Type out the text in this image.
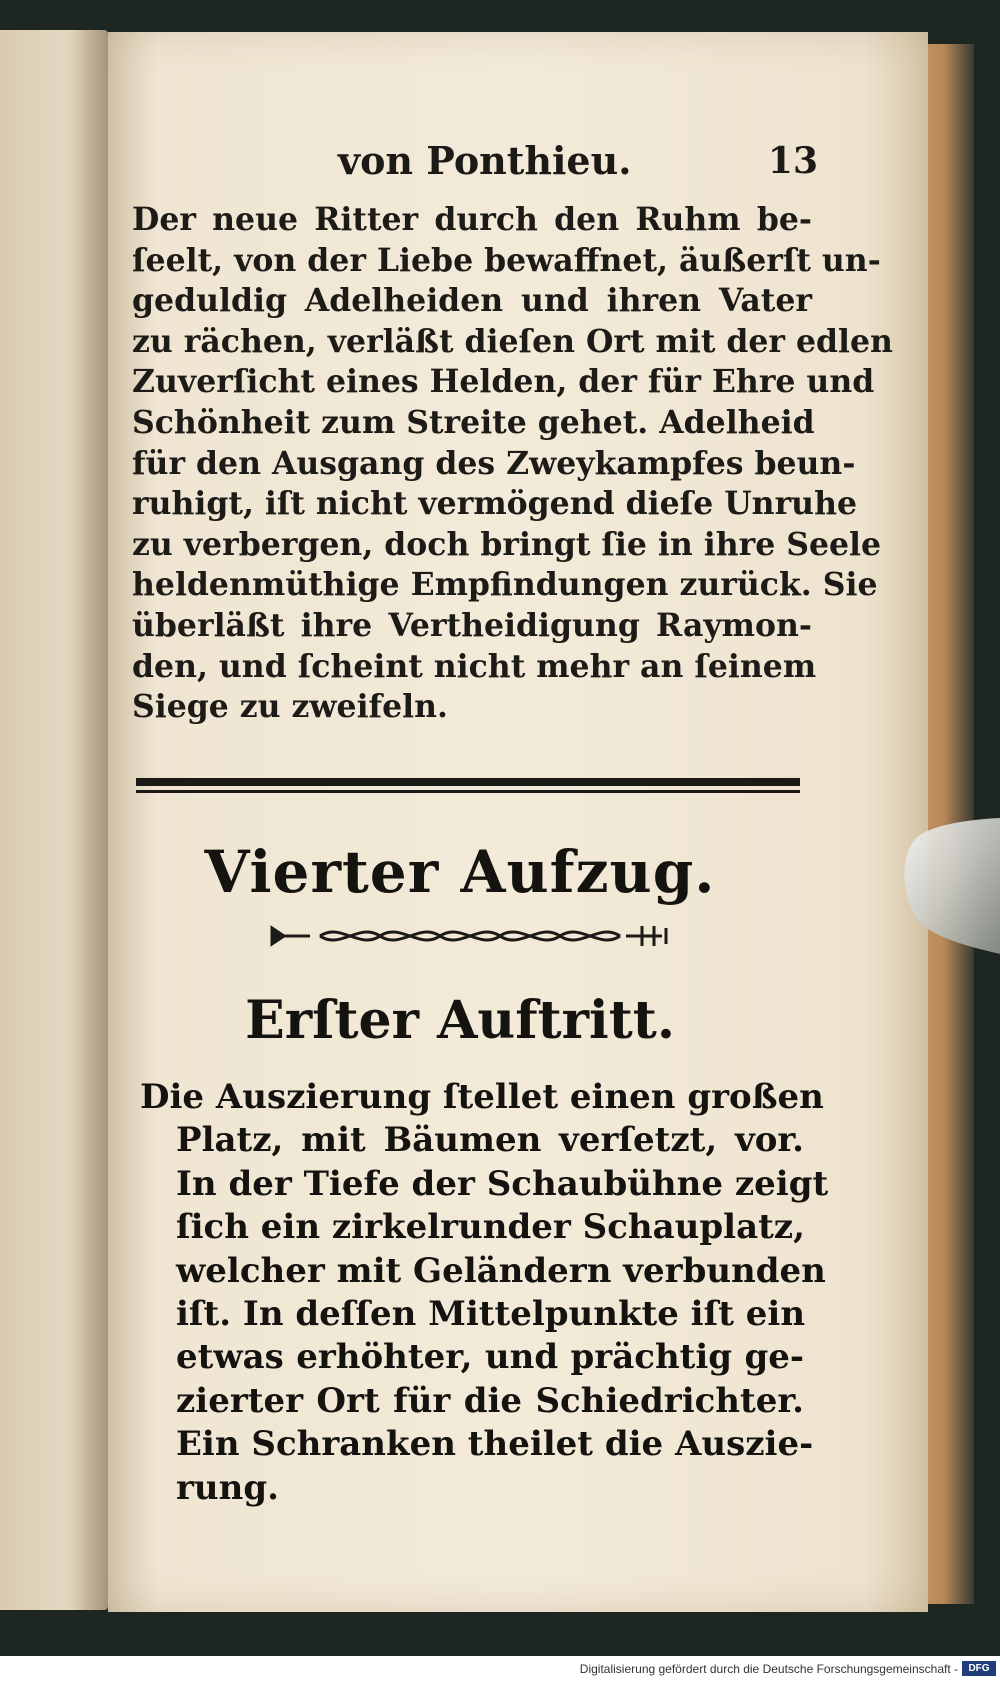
von Ponthieu.	13
Der neue Ritter durch den Ruhm be-
ſeelt, von der Liebe bewaffnet, äußerſt un-
geduldig Adelheiden und ihren Vater
zu rächen, verläßt dieſen Ort mit der edlen
Zuverſicht eines Helden, der für Ehre und
Schönheit zum Streite gehet. Adelheid
für den Ausgang des Zweykampfes beun-
ruhigt, iſt nicht vermögend dieſe Unruhe
zu verbergen, doch bringt ſie in ihre Seele
heldenmüthige Empfindungen zurück. Sie
überläßt ihre Vertheidigung Raymon-
den, und ſcheint nicht mehr an ſeinem
Siege zu zweifeln.
Vierter Aufzug.
Erſter Auftritt.
Die Auszierung ſtellet einen großen
Platz, mit Bäumen verſetzt, vor.
In der Tiefe der Schaubühne zeigt
ſich ein zirkelrunder Schauplatz,
welcher mit Geländern verbunden
iſt. In deſſen Mittelpunkte iſt ein
etwas erhöhter, und prächtig ge-
zierter Ort für die Schiedrichter.
Ein Schranken theilet die Auszie-
rung.
Digitalisierung gefördert durch die Deutsche Forschungsgemeinschaft -	DFG
